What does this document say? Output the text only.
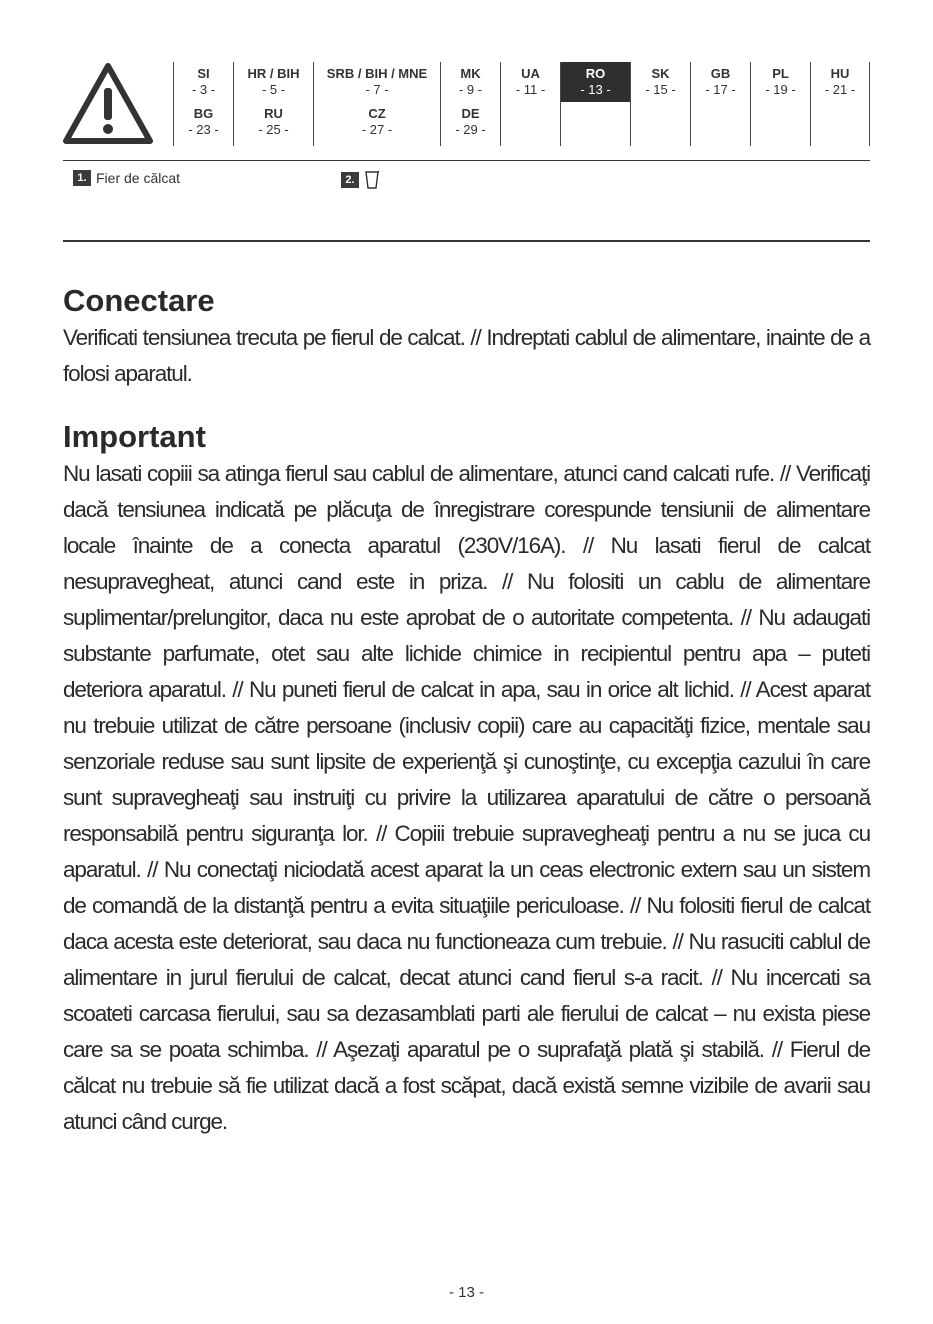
SI
- 3 -
HR / BIH
- 5 -
SRB / BIH / MNE
- 7 -
MK
- 9 -
UA
- 11 -
RO
- 13 -
SK
- 15 -
GB
- 17 -
PL
- 19 -
HU
- 21 -
BG
- 23 -
RU
- 25 -
CZ
- 27 -
DE
- 29 -
1. Fier de călcat	2.
Conectare

Verificati tensiunea trecuta pe fierul de calcat. // Indreptati cablul de alimentare, inainte de a folosi aparatul.

Important

Nu lasati copiii sa atinga fierul sau cablul de alimentare, atunci cand calcati rufe. // Verificaţi dacă tensiunea indicată pe plăcuţa de înregistrare corespunde tensiunii de alimentare locale înainte de a conecta aparatul (230V/16A). // Nu lasati fierul de calcat nesupravegheat, atunci cand este in priza. // Nu folositi un cablu de alimentare suplimentar/prelungitor, daca nu este aprobat de o autoritate competenta. // Nu adaugati substante parfumate, otet sau alte lichide chimice in recipientul pentru apa – puteti deteriora aparatul. // Nu puneti fierul de calcat in apa, sau in orice alt lichid. // Acest aparat nu trebuie utilizat de către persoane (inclusiv copii) care au capacităţi fizice, mentale sau senzoriale reduse sau sunt lipsite de experienţă şi cunoştinţe, cu excepţia cazului în care sunt supravegheaţi sau instruiţi cu privire la utilizarea aparatului de către o persoană responsabilă pentru siguranţa lor. // Copiii trebuie supravegheaţi pentru a nu se juca cu aparatul. // Nu conectaţi niciodată acest aparat la un ceas electronic extern sau un sistem de comandă de la distanţă pentru a evita situaţiile periculoase. // Nu folositi fierul de calcat daca acesta este deteriorat, sau daca nu functioneaza cum trebuie. // Nu rasuciti cablul de alimentare in jurul fierului de calcat, decat atunci cand fierul s-a racit. // Nu incercati sa scoateti carcasa fierului, sau sa dezasamblati parti ale fierului de calcat – nu exista piese care sa se poata schimba. // Aşezaţi aparatul pe o suprafaţă plată şi stabilă. // Fierul de călcat nu trebuie să fie utilizat dacă a fost scăpat, dacă există semne vizibile de avarii sau atunci când curge.

- 13 -
